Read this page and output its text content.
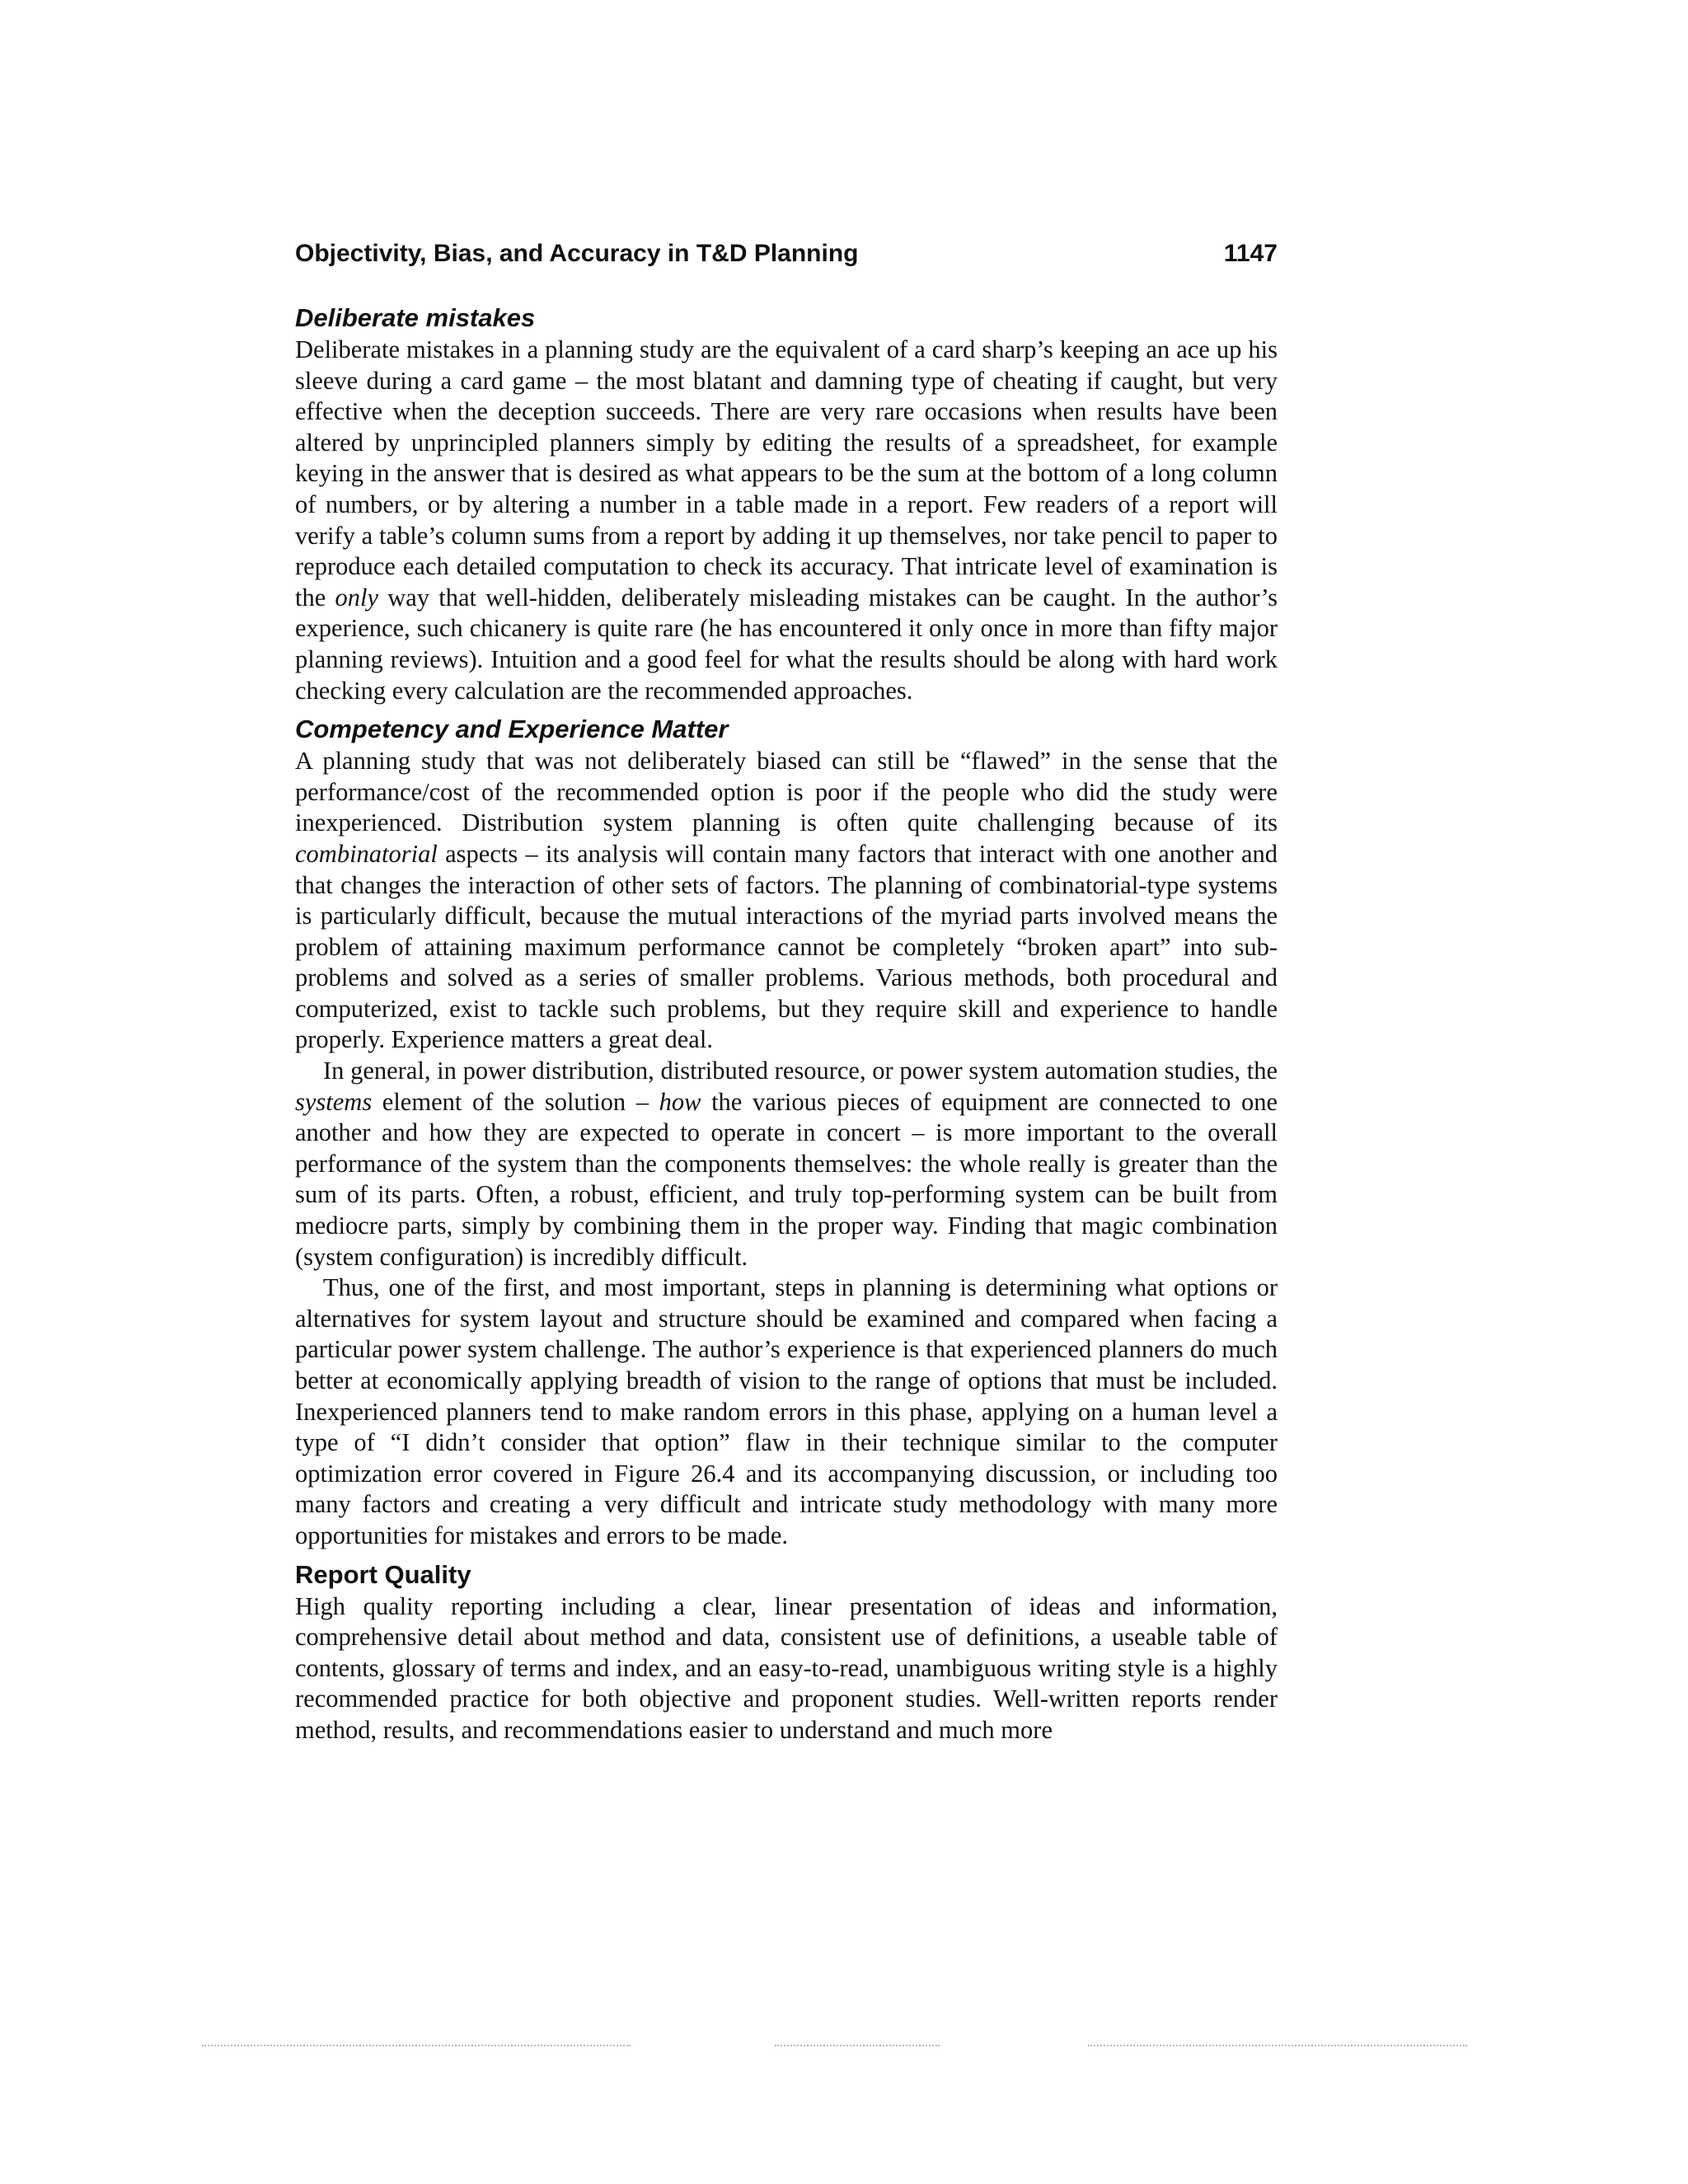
Objectivity, Bias, and Accuracy in T&D Planning	1147
Deliberate mistakes

Deliberate mistakes in a planning study are the equivalent of a card sharp’s keeping an ace up his sleeve during a card game – the most blatant and damning type of cheating if caught, but very effective when the deception succeeds. There are very rare occasions when results have been altered by unprincipled planners simply by editing the results of a spreadsheet, for example keying in the answer that is desired as what appears to be the sum at the bottom of a long column of numbers, or by altering a number in a table made in a report. Few readers of a report will verify a table’s column sums from a report by adding it up themselves, nor take pencil to paper to reproduce each detailed computation to check its accuracy. That intricate level of examination is the only way that well-hidden, deliberately misleading mistakes can be caught. In the author’s experience, such chicanery is quite rare (he has encountered it only once in more than fifty major planning reviews). Intuition and a good feel for what the results should be along with hard work checking every calculation are the recommended approaches.

Competency and Experience Matter

A planning study that was not deliberately biased can still be “flawed” in the sense that the performance/cost of the recommended option is poor if the people who did the study were inexperienced. Distribution system planning is often quite challenging because of its combinatorial aspects – its analysis will contain many factors that interact with one another and that changes the interaction of other sets of factors. The planning of combinatorial-type systems is particularly difficult, because the mutual interactions of the myriad parts involved means the problem of attaining maximum performance cannot be completely “broken apart” into sub-problems and solved as a series of smaller problems. Various methods, both procedural and computerized, exist to tackle such problems, but they require skill and experience to handle properly. Experience matters a great deal.

In general, in power distribution, distributed resource, or power system automation studies, the systems element of the solution – how the various pieces of equipment are connected to one another and how they are expected to operate in concert – is more important to the overall performance of the system than the components themselves: the whole really is greater than the sum of its parts. Often, a robust, efficient, and truly top-performing system can be built from mediocre parts, simply by combining them in the proper way. Finding that magic combination (system configuration) is incredibly difficult.

Thus, one of the first, and most important, steps in planning is determining what options or alternatives for system layout and structure should be examined and compared when facing a particular power system challenge. The author’s experience is that experienced planners do much better at economically applying breadth of vision to the range of options that must be included. Inexperienced planners tend to make random errors in this phase, applying on a human level a type of “I didn’t consider that option” flaw in their technique similar to the computer optimization error covered in Figure 26.4 and its accompanying discussion, or including too many factors and creating a very difficult and intricate study methodology with many more opportunities for mistakes and errors to be made.

Report Quality

High quality reporting including a clear, linear presentation of ideas and information, comprehensive detail about method and data, consistent use of definitions, a useable table of contents, glossary of terms and index, and an easy-to-read, unambiguous writing style is a highly recommended practice for both objective and proponent studies. Well-written reports render method, results, and recommendations easier to understand and much more
